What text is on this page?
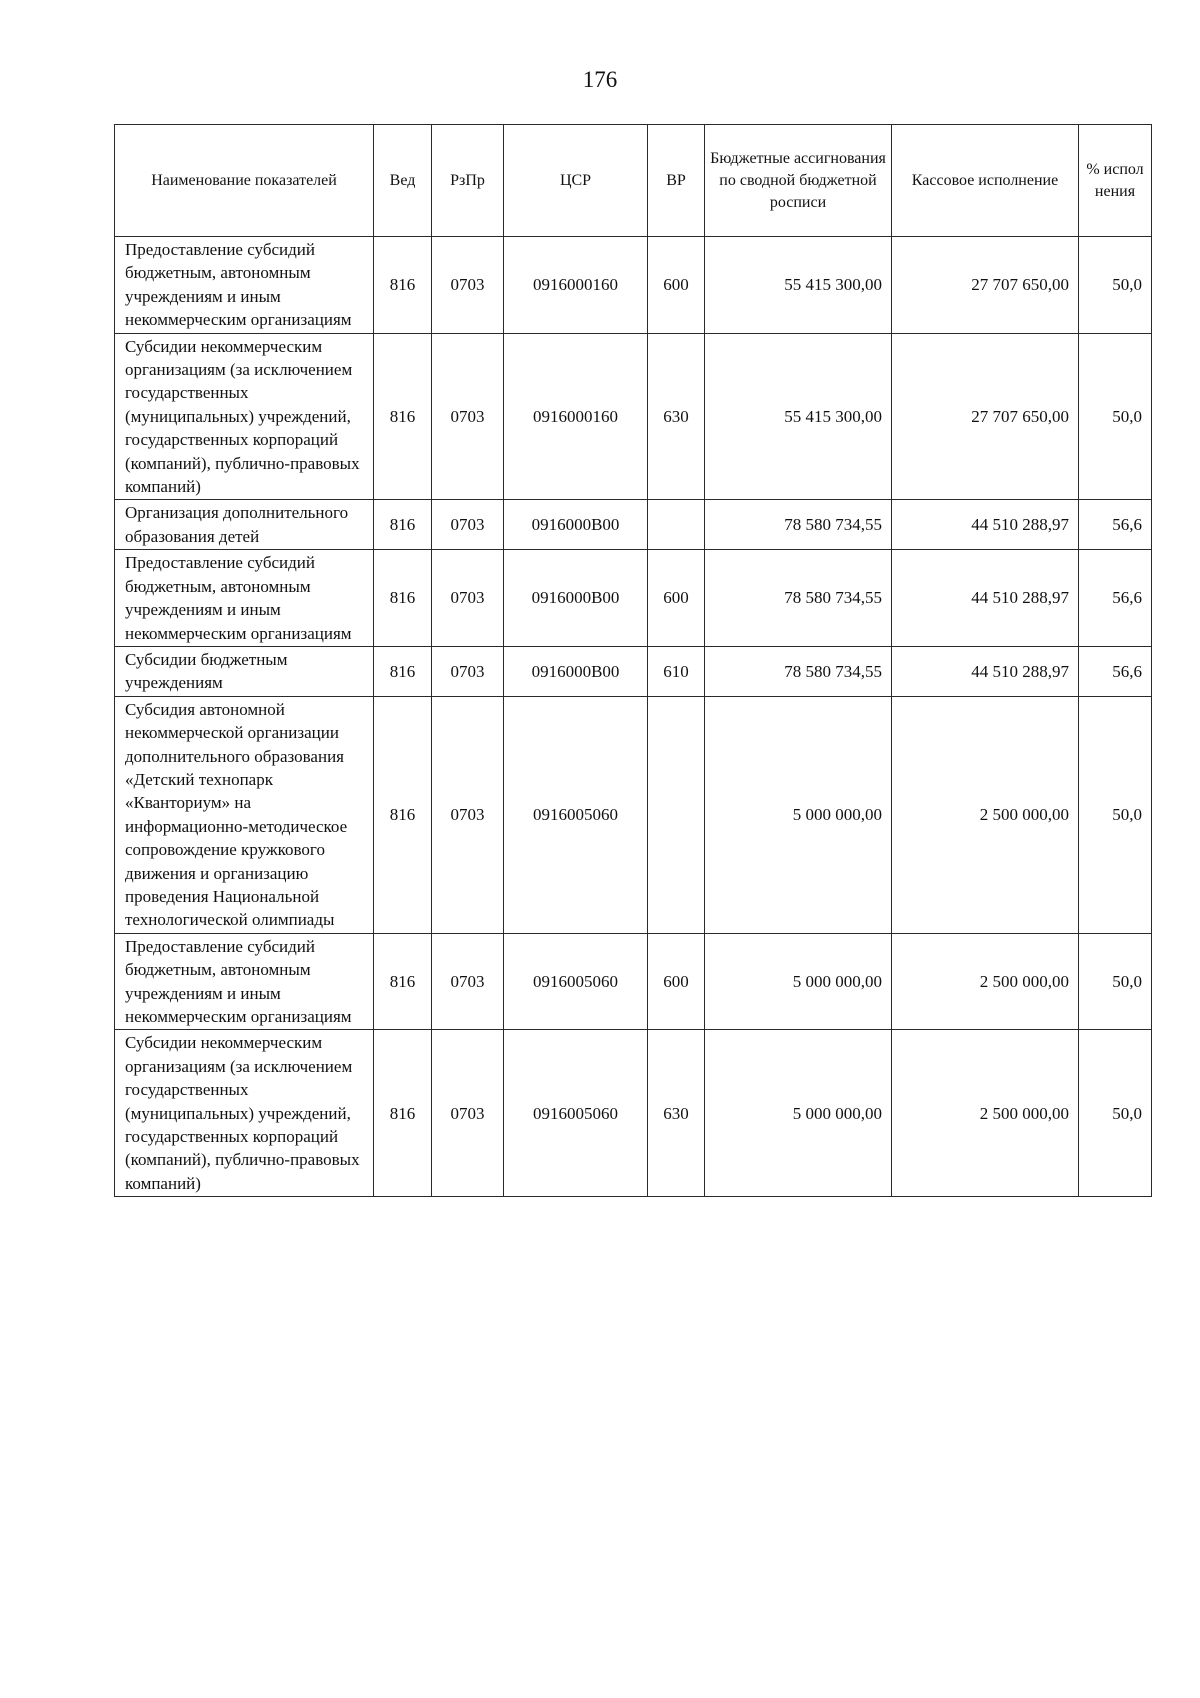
176
Наименование показателей	Вед	РзПр	ЦСР	ВР	Бюджетные ассигнования по сводной бюджетной росписи	Кассовое исполнение	% испол нения
Предоставление субсидий бюджетным, автономным учреждениям и иным некоммерческим организациям	816	0703	0916000160	600	55 415 300,00	27 707 650,00	50,0
Субсидии некоммерческим организациям (за исключением государственных (муниципальных) учреждений, государственных корпораций (компаний), публично-правовых компаний)	816	0703	0916000160	630	55 415 300,00	27 707 650,00	50,0
Организация дополнительного образования детей	816	0703	0916000В00		78 580 734,55	44 510 288,97	56,6
Предоставление субсидий бюджетным, автономным учреждениям и иным некоммерческим организациям	816	0703	0916000В00	600	78 580 734,55	44 510 288,97	56,6
Субсидии бюджетным учреждениям	816	0703	0916000В00	610	78 580 734,55	44 510 288,97	56,6
Субсидия автономной некоммерческой организации дополнительного образования «Детский технопарк «Кванториум» на информационно-методическое сопровождение кружкового движения и организацию проведения Национальной технологической олимпиады	816	0703	0916005060		5 000 000,00	2 500 000,00	50,0
Предоставление субсидий бюджетным, автономным учреждениям и иным некоммерческим организациям	816	0703	0916005060	600	5 000 000,00	2 500 000,00	50,0
Субсидии некоммерческим организациям (за исключением государственных (муниципальных) учреждений, государственных корпораций (компаний), публично-правовых компаний)	816	0703	0916005060	630	5 000 000,00	2 500 000,00	50,0
